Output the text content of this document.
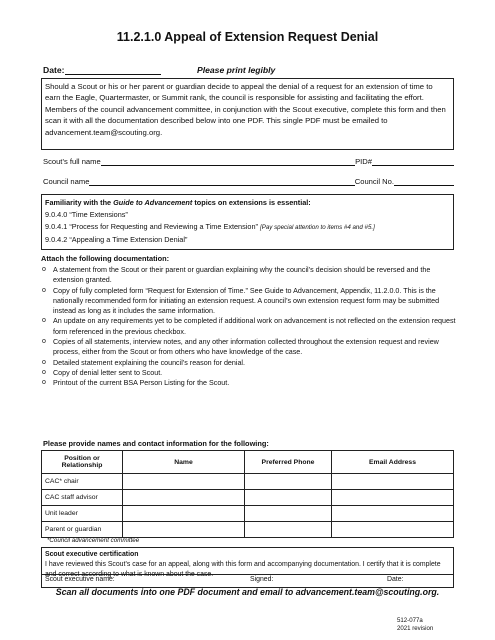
11.2.1.0 Appeal of Extension Request Denial
Date:	Please print legibly
Should a Scout or his or her parent or guardian decide to appeal the denial of a request for an extension of time to earn the Eagle, Quartermaster, or Summit rank, the council is responsible for assisting and facilitating the effort. Members of the council advancement committee, in conjunction with the Scout executive, complete this form and then scan it with all the documentation described below into one PDF. This single PDF must be emailed to advancement.team@scouting.org.
Scout’s full name	PID#
Council name	Council No.
Familiarity with the Guide to Advancement topics on extensions is essential:
9.0.4.0 “Time Extensions”
9.0.4.1 “Process for Requesting and Reviewing a Time Extension” [Pay special attention to items #4 and #5.]
9.0.4.2 “Appealing a Time Extension Denial”
Attach the following documentation:
o A statement from the Scout or their parent or guardian explaining why the council’s decision should be reversed and the extension granted.
o Copy of fully completed form “Request for Extension of Time.” See Guide to Advancement, Appendix, 11.2.0.0. This is the nationally recommended form for initiating an extension request. A council’s own extension request form may be submitted instead as long as it includes the same information.
o An update on any requirements yet to be completed if additional work on advancement is not reflected on the extension request form referenced in the previous checkbox.
o Copies of all statements, interview notes, and any other information collected throughout the extension request and review process, either from the Scout or from others who have knowledge of the case.
o Detailed statement explaining the council’s reason for denial.
o Copy of denial letter sent to Scout.
o Printout of the current BSA Person Listing for the Scout.
Please provide names and contact information for the following:
Position or Relationship	Name	Preferred Phone	Email Address
CAC* chair			
CAC staff advisor			
Unit leader			
Parent or guardian			
*Council advancement committee
Scout executive certification
I have reviewed this Scout’s case for an appeal, along with this form and accompanying documentation. I certify that it is complete and correct according to what is known about the case.
Scout executive name:	Signed:	Date:
Scan all documents into one PDF document and email to advancement.team@scouting.org.
512-077a
2021 revision
